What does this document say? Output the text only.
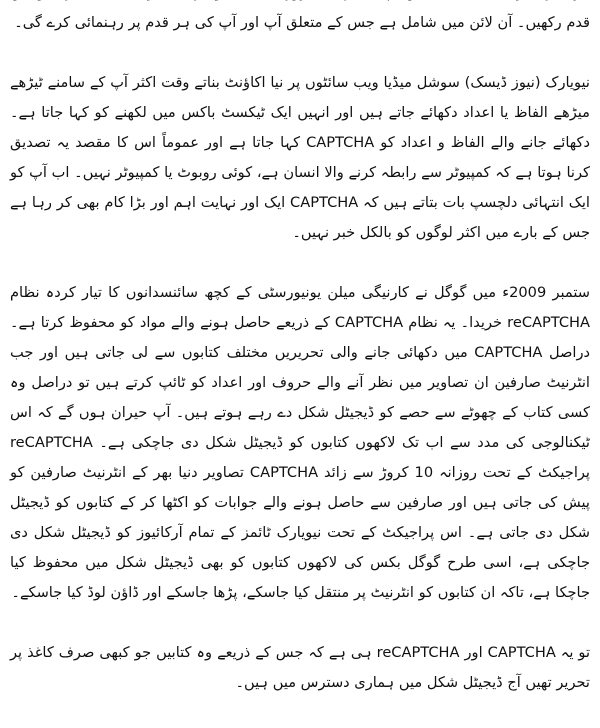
قدم رکھیں۔ آن لائن میں شامل ہے جس کے متعلق آپ اور آپ کی ہر قدم پر رہنمائی کرے گی۔

نیویارک (نیوز ڈیسک) سوشل میڈیا ویب سائٹوں پر نیا اکاؤنٹ بناتے وقت اکثر آپ کے سامنے ٹیڑھے میڑھے الفاظ یا اعداد دکھائے جاتے ہیں اور انہیں ایک ٹیکسٹ باکس میں لکھنے کو کہا جاتا ہے۔ دکھائے جانے والے الفاظ و اعداد کو CAPTCHA کہا جاتا ہے اور عموماً اس کا مقصد یہ تصدیق کرنا ہوتا ہے کہ کمپیوٹر سے رابطہ کرنے والا انسان ہے، کوئی روبوٹ یا کمپیوٹر نہیں۔ اب آپ کو ایک انتہائی دلچسپ بات بتاتے ہیں کہ CAPTCHA ایک اور نہایت اہم اور بڑا کام بھی کر رہا ہے جس کے بارے میں اکثر لوگوں کو بالکل خبر نہیں۔

ستمبر 2009ء میں گوگل نے کارنیگی میلن یونیورسٹی کے کچھ سائنسدانوں کا تیار کردہ نظام reCAPTCHA خریدا۔ یہ نظام CAPTCHA کے ذریعے حاصل ہونے والے مواد کو محفوظ کرتا ہے۔ دراصل CAPTCHA میں دکھائی جانے والی تحریریں مختلف کتابوں سے لی جاتی ہیں اور جب انٹرنیٹ صارفین ان تصاویر میں نظر آنے والے حروف اور اعداد کو ٹائپ کرتے ہیں تو دراصل وہ کسی کتاب کے چھوٹے سے حصے کو ڈیجیٹل شکل دے رہے ہوتے ہیں۔ آپ حیران ہوں گے کہ اس ٹیکنالوجی کی مدد سے اب تک لاکھوں کتابوں کو ڈیجیٹل شکل دی جاچکی ہے۔ reCAPTCHA پراجیکٹ کے تحت روزانہ 10 کروڑ سے زائد CAPTCHA تصاویر دنیا بھر کے انٹرنیٹ صارفین کو پیش کی جاتی ہیں اور صارفین سے حاصل ہونے والے جوابات کو اکٹھا کر کے کتابوں کو ڈیجیٹل شکل دی جاتی ہے۔ اس پراجیکٹ کے تحت نیویارک ٹائمز کے تمام آرکائیوز کو ڈیجیٹل شکل دی جاچکی ہے، اسی طرح گوگل بکس کی لاکھوں کتابوں کو بھی ڈیجیٹل شکل میں محفوظ کیا جاچکا ہے، تاکہ ان کتابوں کو انٹرنیٹ پر منتقل کیا جاسکے، پڑھا جاسکے اور ڈاؤن لوڈ کیا جاسکے۔

تو یہ CAPTCHA اور reCAPTCHA ہی ہے کہ جس کے ذریعے وہ کتابیں جو کبھی صرف کاغذ پر تحریر تھیں آج ڈیجیٹل شکل میں ہماری دسترس میں ہیں۔
